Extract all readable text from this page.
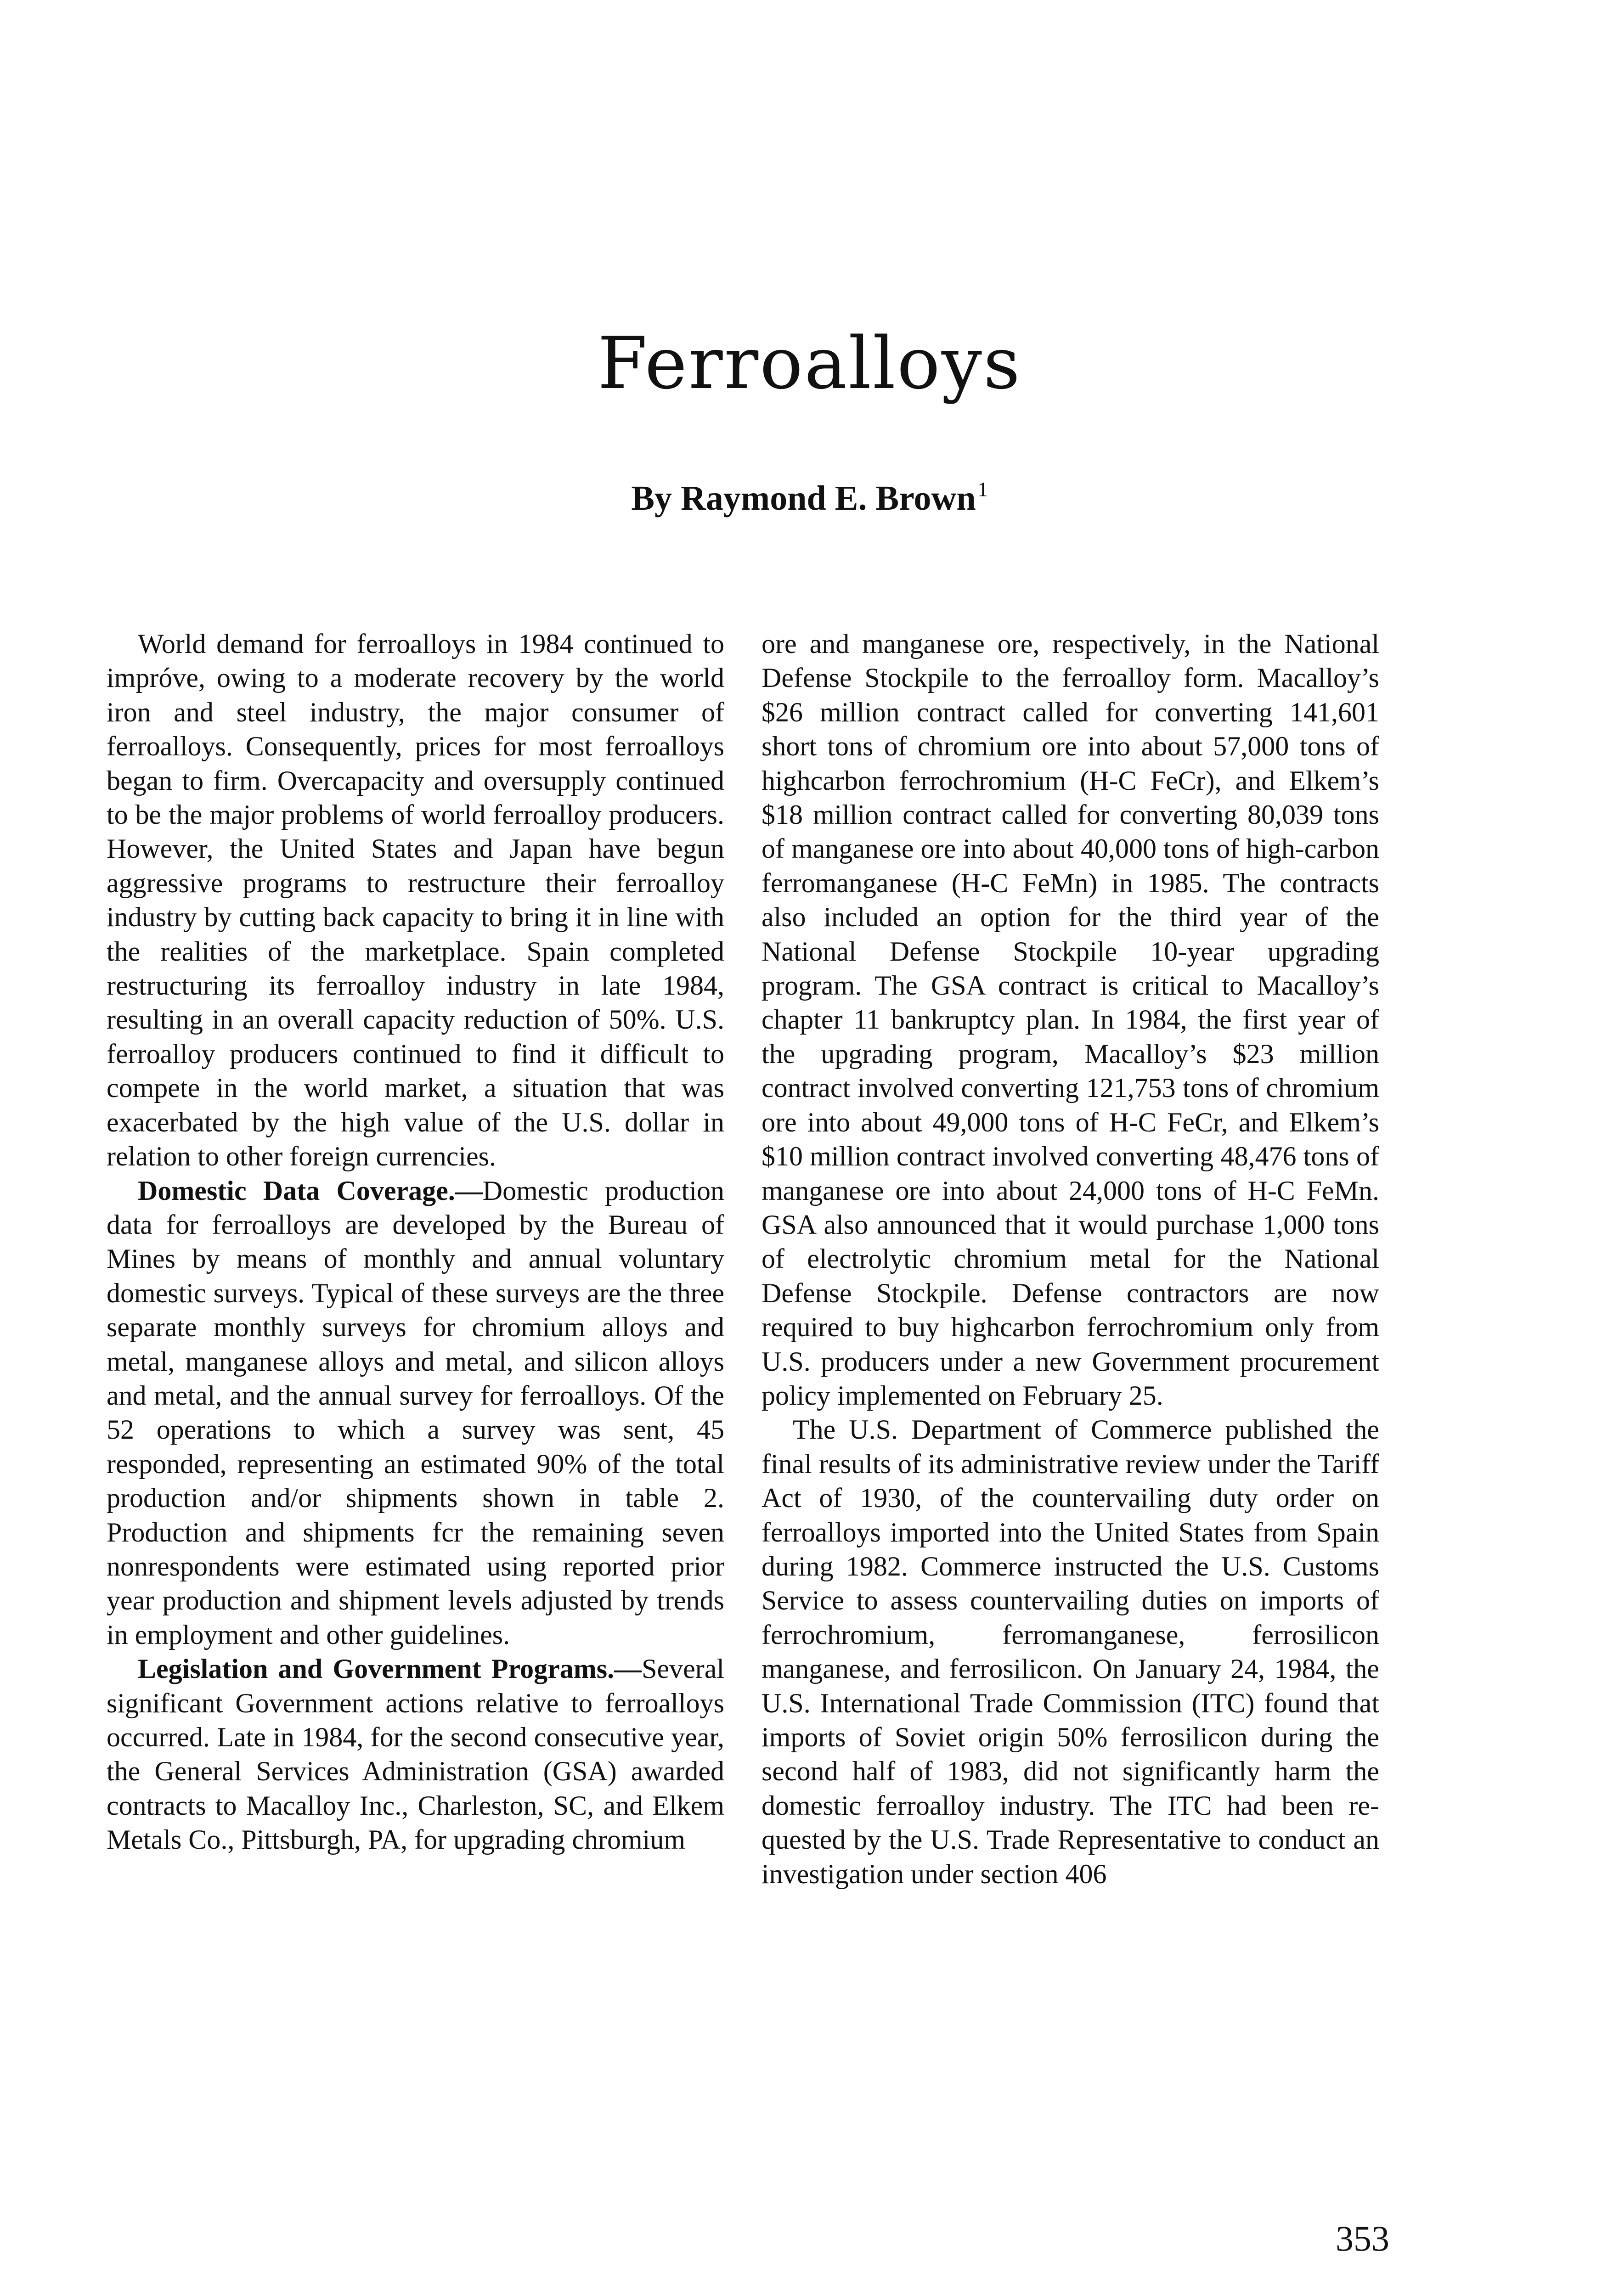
Ferroalloys
By Raymond E. Brown$^1$

World demand for ferroalloys in 1984 continued to impróve, owing to a moderate recovery by the world iron and steel industry, the major consumer of ferroalloys. Consequently, prices for most ferroalloys began to firm. Overcapacity and oversupply continued to be the major problems of world ferroalloy producers. However, the United States and Japan have begun aggressive programs to restructure their ferroalloy industry by cutting back capacity to bring it in line with the realities of the marketplace. Spain completed restructuring its ferroalloy industry in late 1984, resulting in an overall capacity reduction of 50%. U.S. ferroalloy producers continued to find it difficult to compete in the world market, a situation that was exacerbated by the high value of the U.S. dollar in relation to other foreign currencies.

Domestic Data Coverage.—Domestic production data for ferroalloys are developed by the Bureau of Mines by means of monthly and annual voluntary domestic surveys. Typical of these surveys are the three separate monthly surveys for chromium alloys and metal, manganese alloys and metal, and silicon alloys and metal, and the annual survey for ferroalloys. Of the 52 operations to which a survey was sent, 45 responded, representing an estimated 90% of the total production and/or shipments shown in table 2. Production and shipments fcr the remaining seven nonrespondents were estimated using reported prior year production and shipment levels adjusted by trends in employment and other guidelines.

Legislation and Government Programs.—Several significant Government actions relative to ferroalloys occurred. Late in 1984, for the second consecutive year, the General Services Administration (GSA) awarded contracts to Macalloy Inc., Charleston, SC, and Elkem Metals Co., Pittsburgh, PA, for upgrading chromium

ore and manganese ore, respectively, in the National Defense Stockpile to the ferroalloy form. Macalloy’s $26 million contract called for converting 141,601 short tons of chromium ore into about 57,000 tons of highcarbon ferrochromium (H-C FeCr), and Elkem’s $18 million contract called for converting 80,039 tons of manganese ore into about 40,000 tons of high-carbon ferromanganese (H-C FeMn) in 1985. The contracts also included an option for the third year of the National Defense Stockpile 10-year upgrading program. The GSA contract is critical to Macalloy’s chapter 11 bankruptcy plan. In 1984, the first year of the upgrading program, Macalloy’s $23 million contract involved converting 121,753 tons of chromium ore into about 49,000 tons of H-C FeCr, and Elkem’s $10 million contract involved converting 48,476 tons of manganese ore into about 24,000 tons of H-C FeMn. GSA also announced that it would purchase 1,000 tons of electrolytic chromium metal for the National Defense Stockpile. Defense contractors are now required to buy highcarbon ferrochromium only from U.S. producers under a new Government procurement policy implemented on February 25.

The U.S. Department of Commerce published the final results of its administrative review under the Tariff Act of 1930, of the countervailing duty order on ferroalloys imported into the United States from Spain during 1982. Commerce instructed the U.S. Customs Service to assess countervailing duties on imports of ferrochromium, ferromanganese, ferrosilicon manganese, and ferrosilicon. On January 24, 1984, the U.S. International Trade Commission (ITC) found that imports of Soviet origin 50% ferrosilicon during the second half of 1983, did not significantly harm the domestic ferroalloy industry. The ITC had been requested by the U.S. Trade Representative to conduct an investigation under section 406

353
